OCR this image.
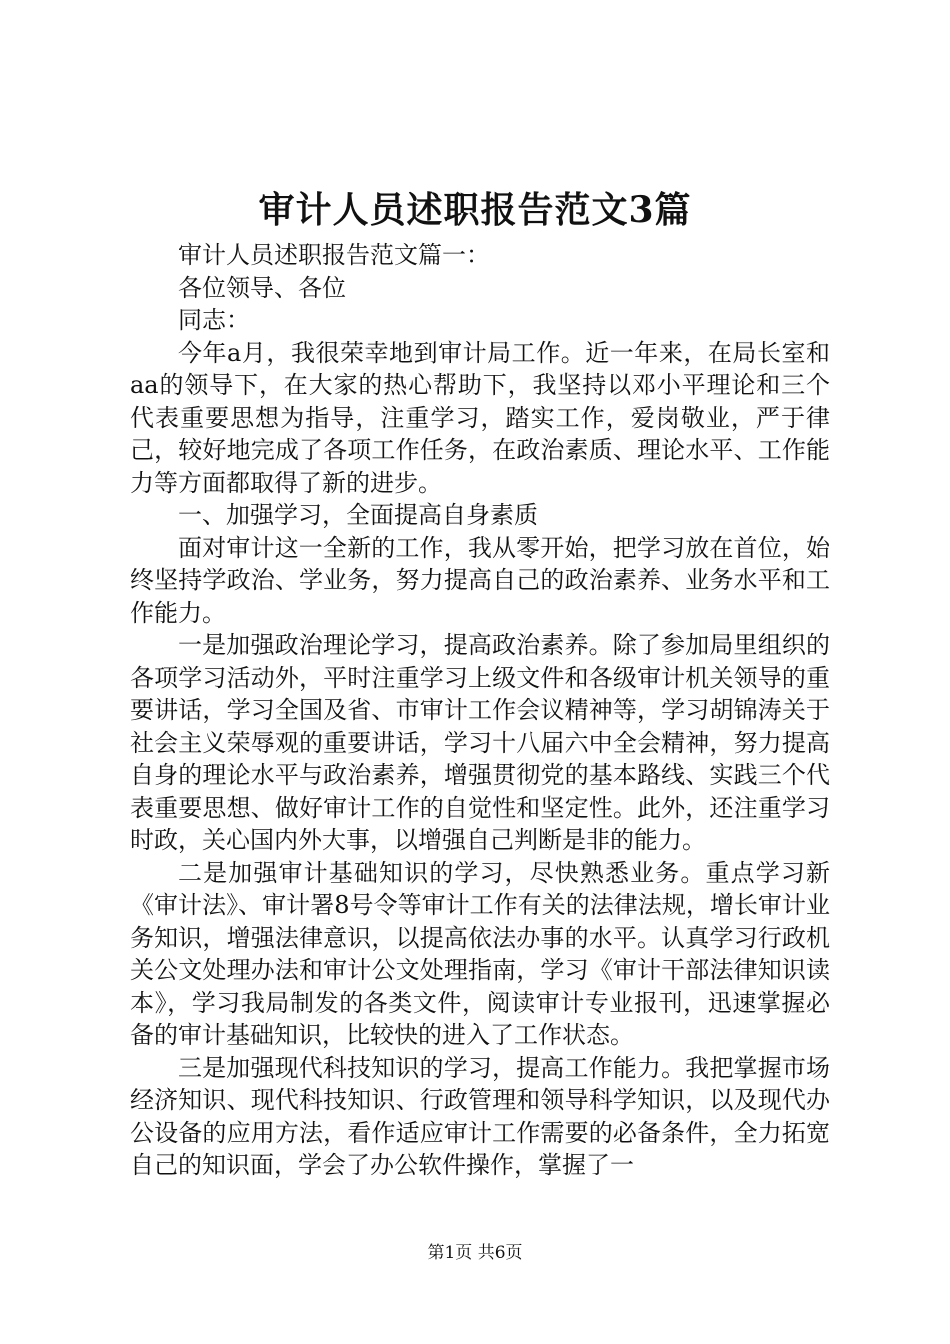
审计人员述职报告范文3篇

审计人员述职报告范文篇一：

各位领导、各位

同志：

今年a月，我很荣幸地到审计局工作。近一年来，在局长室和aa的领导下，在大家的热心帮助下，我坚持以邓小平理论和三个代表重要思想为指导，注重学习，踏实工作，爱岗敬业，严于律己，较好地完成了各项工作任务，在政治素质、理论水平、工作能力等方面都取得了新的进步。

一、加强学习，全面提高自身素质

面对审计这一全新的工作，我从零开始，把学习放在首位，始终坚持学政治、学业务，努力提高自己的政治素养、业务水平和工作能力。

一是加强政治理论学习，提高政治素养。除了参加局里组织的各项学习活动外，平时注重学习上级文件和各级审计机关领导的重要讲话，学习全国及省、市审计工作会议精神等，学习胡锦涛关于社会主义荣辱观的重要讲话，学习十八届六中全会精神，努力提高自身的理论水平与政治素养，增强贯彻党的基本路线、实践三个代表重要思想、做好审计工作的自觉性和坚定性。此外，还注重学习时政，关心国内外大事，以增强自己判断是非的能力。

二是加强审计基础知识的学习，尽快熟悉业务。重点学习新《审计法》、审计署8号令等审计工作有关的法律法规，增长审计业务知识，增强法律意识，以提高依法办事的水平。认真学习行政机关公文处理办法和审计公文处理指南，学习《审计干部法律知识读本》，学习我局制发的各类文件，阅读审计专业报刊，迅速掌握必备的审计基础知识，比较快的进入了工作状态。

三是加强现代科技知识的学习，提高工作能力。我把掌握市场经济知识、现代科技知识、行政管理和领导科学知识，以及现代办公设备的应用方法，看作适应审计工作需要的必备条件，全力拓宽自己的知识面，学会了办公软件操作，掌握了一

第1页 共6页
